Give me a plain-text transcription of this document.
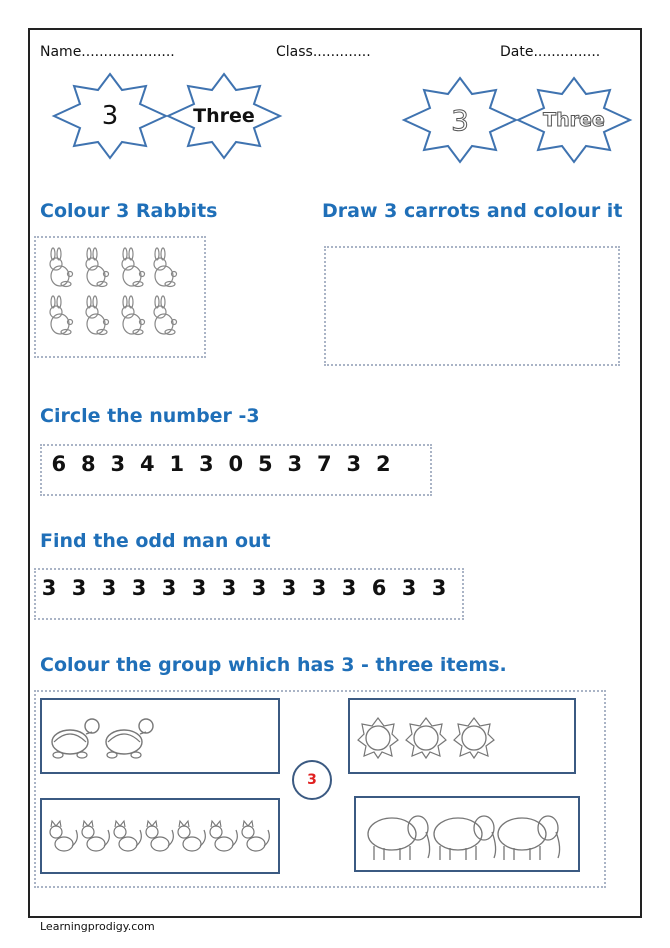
Name.....................	Class.............	Date...............
3	Three	3	Three
Colour 3 Rabbits	Draw 3 carrots and colour it
Circle the number -3
6 8 3 4 1 3 0 5 3 7 3 2
Find the odd man out
3 3 3 3 3 3 3 3 3 3 3 6 3 3
Colour the group which has 3 - three items.
3
Learningprodigy.com
